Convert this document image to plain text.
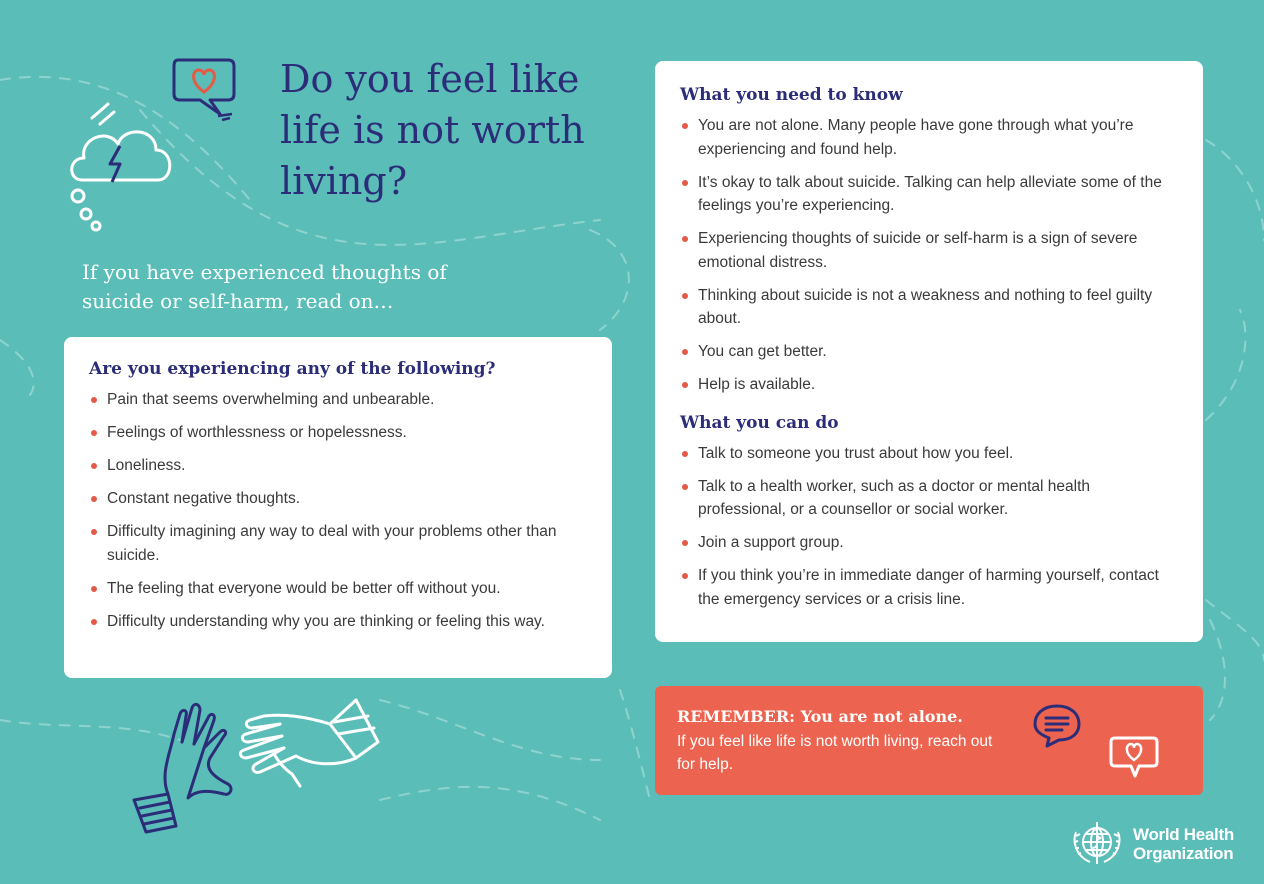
Do you feel like life is not worth living?

If you have experienced thoughts of suicide or self-harm, read on…

Are you experiencing any of the following?
Pain that seems overwhelming and unbearable.
Feelings of worthlessness or hopelessness.
Loneliness.
Constant negative thoughts.
Difficulty imagining any way to deal with your problems other than suicide.
The feeling that everyone would be better off without you.
Difficulty understanding why you are thinking or feeling this way.
What you need to know
You are not alone. Many people have gone through what you’re experiencing and found help.
It’s okay to talk about suicide. Talking can help alleviate some of the feelings you’re experiencing.
Experiencing thoughts of suicide or self-harm is a sign of severe emotional distress.
Thinking about suicide is not a weakness and nothing to feel guilty about.
You can get better.
Help is available.
What you can do
Talk to someone you trust about how you feel.
Talk to a health worker, such as a doctor or mental health professional, or a counsellor or social worker.
Join a support group.
If you think you’re in immediate danger of harming yourself, contact the emergency services or a crisis line.

REMEMBER: You are not alone.

If you feel like life is not worth living, reach out for help.

World Health
Organization
